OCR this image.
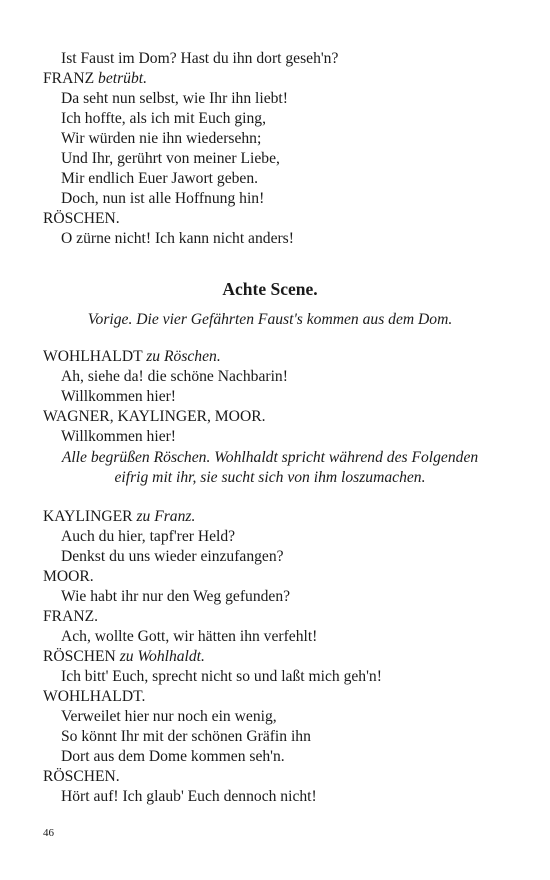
Ist Faust im Dom? Hast du ihn dort geseh'n?
FRANZ betrübt.
Da seht nun selbst, wie Ihr ihn liebt!
Ich hoffte, als ich mit Euch ging,
Wir würden nie ihn wiedersehn;
Und Ihr, gerührt von meiner Liebe,
Mir endlich Euer Jawort geben.
Doch, nun ist alle Hoffnung hin!
RÖSCHEN.
O zürne nicht! Ich kann nicht anders!
Achte Scene.
Vorige. Die vier Gefährten Faust's kommen aus dem Dom.
WOHLHALDT zu Röschen.
Ah, siehe da! die schöne Nachbarin!
Willkommen hier!
WAGNER, KAYLINGER, MOOR.
Willkommen hier!
Alle begrüßen Röschen. Wohlhaldt spricht während des Folgenden
eifrig mit ihr, sie sucht sich von ihm loszumachen.
KAYLINGER zu Franz.
Auch du hier, tapf'rer Held?
Denkst du uns wieder einzufangen?
MOOR.
Wie habt ihr nur den Weg gefunden?
FRANZ.
Ach, wollte Gott, wir hätten ihn verfehlt!
RÖSCHEN zu Wohlhaldt.
Ich bitt' Euch, sprecht nicht so und laßt mich geh'n!
WOHLHALDT.
Verweilet hier nur noch ein wenig,
So könnt Ihr mit der schönen Gräfin ihn
Dort aus dem Dome kommen seh'n.
RÖSCHEN.
Hört auf! Ich glaub' Euch dennoch nicht!
46
